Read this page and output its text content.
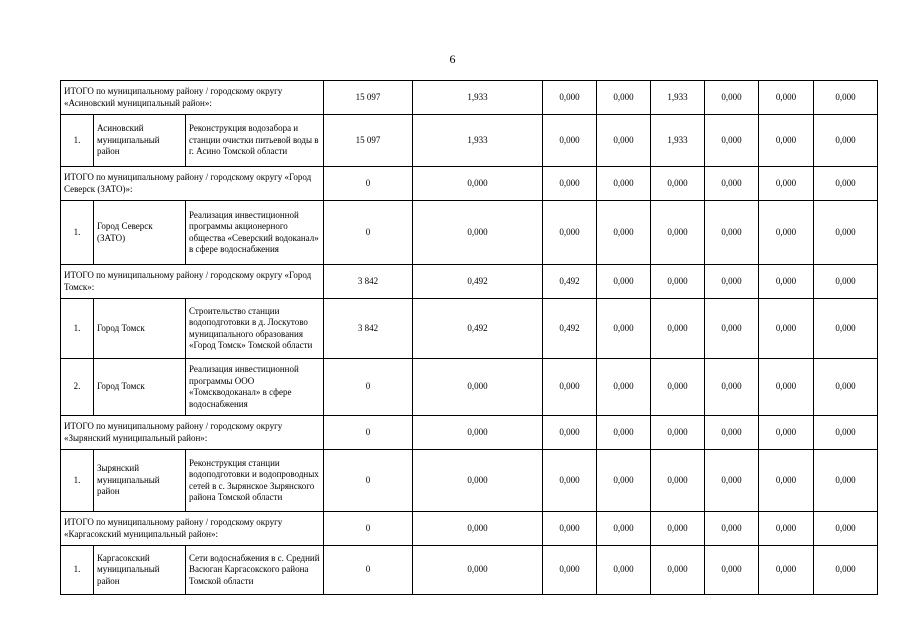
6
ИТОГО по муниципальному району / городскому округу «Асиновский муниципальный район»:			15 097	1,933	0,000	0,000	1,933	0,000	0,000	0,000
1.	Асиновский муниципальный район	Реконструкция водозабора и станции очистки питьевой воды в г. Асино Томской области	15 097	1,933	0,000	0,000	1,933	0,000	0,000	0,000
ИТОГО по муниципальному району / городскому округу «Город Северск (ЗАТО)»:			0	0,000	0,000	0,000	0,000	0,000	0,000	0,000
1.	Город Северск (ЗАТО)	Реализация инвестиционной программы акционерного общества «Северский водоканал» в сфере водоснабжения	0	0,000	0,000	0,000	0,000	0,000	0,000	0,000
ИТОГО по муниципальному району / городскому округу «Город Томск»:			3 842	0,492	0,492	0,000	0,000	0,000	0,000	0,000
1.	Город Томск	Строительство станции водоподготовки в д. Лоскутово муниципального образования «Город Томск» Томской области	3 842	0,492	0,492	0,000	0,000	0,000	0,000	0,000
2.	Город Томск	Реализация инвестиционной программы ООО «Томскводоканал» в сфере водоснабжения	0	0,000	0,000	0,000	0,000	0,000	0,000	0,000
ИТОГО по муниципальному району / городскому округу «Зырянский муниципальный район»:			0	0,000	0,000	0,000	0,000	0,000	0,000	0,000
1.	Зырянский муниципальный район	Реконструкция станции водоподготовки и водопроводных сетей в с. Зырянское Зырянского района Томской области	0	0,000	0,000	0,000	0,000	0,000	0,000	0,000
ИТОГО по муниципальному району / городскому округу «Каргасокский муниципальный район»:			0	0,000	0,000	0,000	0,000	0,000	0,000	0,000
1.	Каргасокский муниципальный район	Сети водоснабжения в с. Средний Васюган Каргасокского района Томской области	0	0,000	0,000	0,000	0,000	0,000	0,000	0,000
